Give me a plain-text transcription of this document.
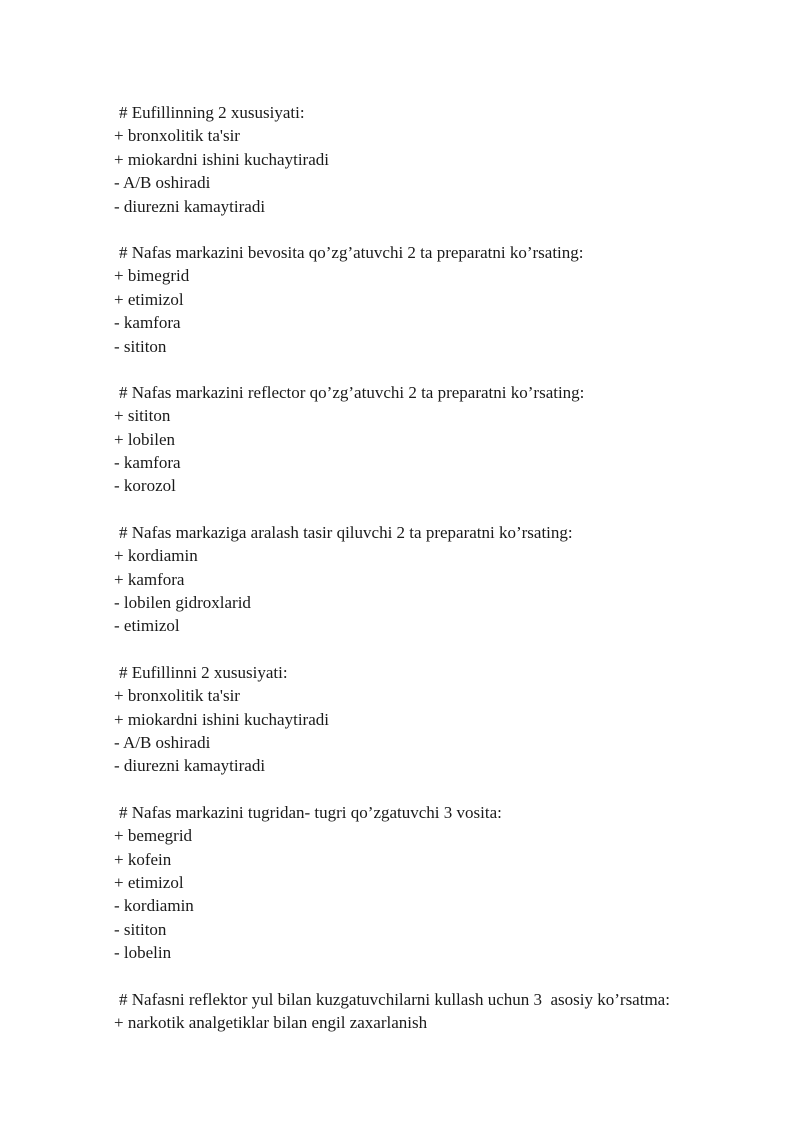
# Eufillinning 2 xususiyati:
+ bronxolitik ta'sir
+ miokardni ishini kuchaytiradi
- A/B oshiradi
- diurezni kamaytiradi
# Nafas markazini bevosita qo’zg’atuvchi 2 ta preparatni ko’rsating:
+ bimegrid
+ etimizol
- kamfora
- sititon
# Nafas markazini reflector qo’zg’atuvchi 2 ta preparatni ko’rsating:
+ sititon
+ lobilen
- kamfora
- korozol
# Nafas markaziga aralash tasir qiluvchi 2 ta preparatni ko’rsating:
+ kordiamin
+ kamfora
- lobilen gidroxlarid
- etimizol
# Eufillinni 2 xususiyati:
+ bronxolitik ta'sir
+ miokardni ishini kuchaytiradi
- A/B oshiradi
- diurezni kamaytiradi
# Nafas markazini tugridan- tugri qo’zgatuvchi 3 vosita:
+ bemegrid
+ kofein
+ etimizol
- kordiamin
- sititon
- lobelin
# Nafasni reflektor yul bilan kuzgatuvchilarni kullash uchun 3  asosiy ko’rsatma:
+ narkotik analgetiklar bilan engil zaxarlanish
